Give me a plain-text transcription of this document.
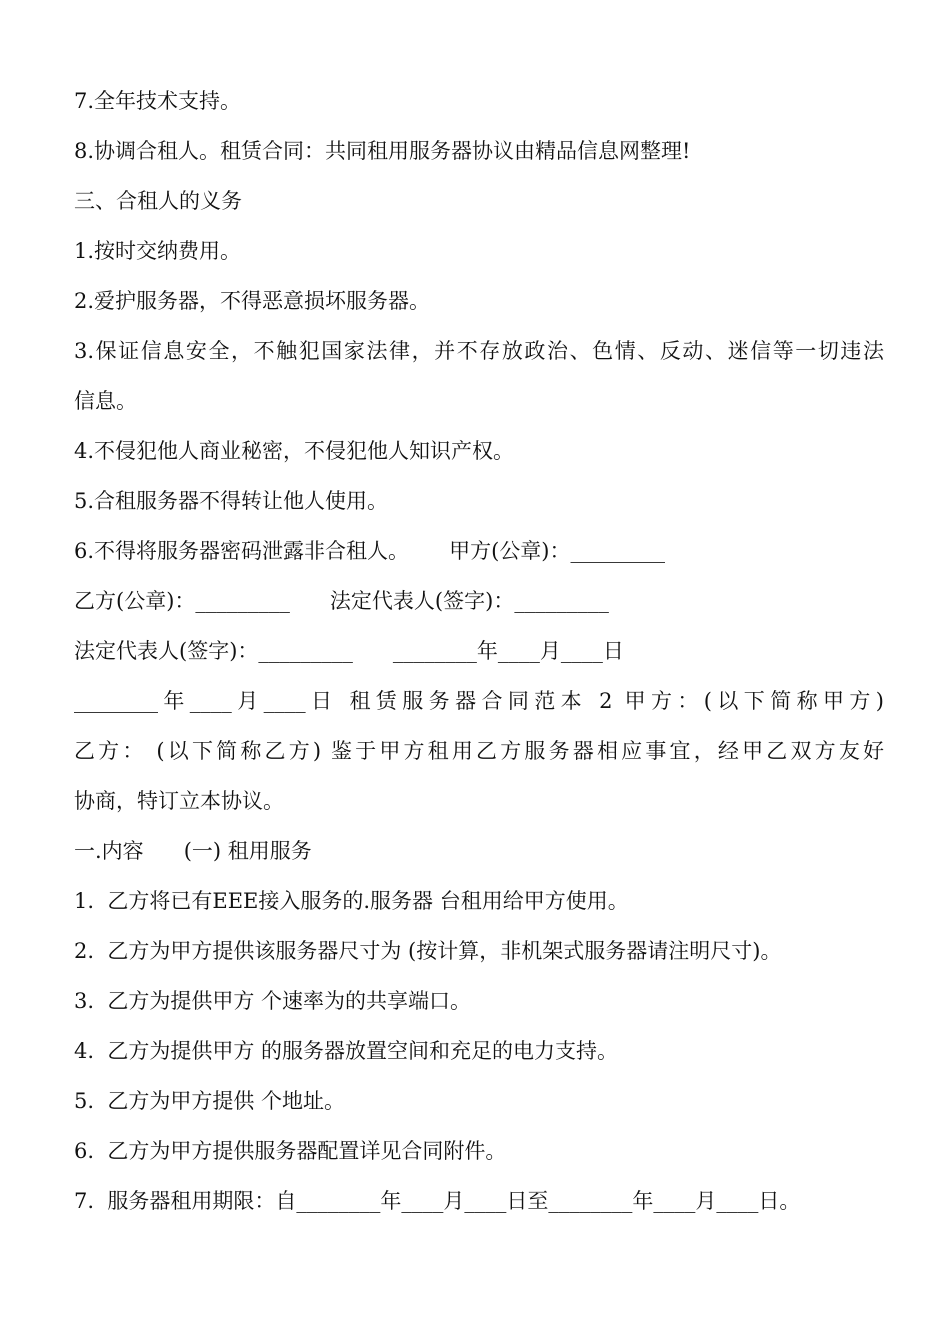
7.全年技术支持。
8.协调合租人。租赁合同：共同租用服务器协议由精品信息网整理!
三、合租人的义务
1.按时交纳费用。
2.爱护服务器，不得恶意损坏服务器。
3.保证信息安全，不触犯国家法律，并不存放政治、色情、反动、迷信等一切违法
信息。
4.不侵犯他人商业秘密，不侵犯他人知识产权。
5.合租服务器不得转让他人使用。
6.不得将服务器密码泄露非合租人。      甲方(公章)：_________
乙方(公章)：_________      法定代表人(签字)：_________
法定代表人(签字)：_________      ________年____月____日
________年____月____日 租赁服务器合同范本 2 甲方：(以下简称甲方)
乙方： (以下简称乙方) 鉴于甲方租用乙方服务器相应事宜，经甲乙双方友好
协商，特订立本协议。
一.内容      (一) 租用服务
1.  乙方将已有EEE接入服务的.服务器 台租用给甲方使用。
2.  乙方为甲方提供该服务器尺寸为 (按计算，非机架式服务器请注明尺寸)。
3.  乙方为提供甲方 个速率为的共享端口。
4.  乙方为提供甲方 的服务器放置空间和充足的电力支持。
5.  乙方为甲方提供 个地址。
6.  乙方为甲方提供服务器配置详见合同附件。
7.  服务器租用期限：自________年____月____日至________年____月____日。
